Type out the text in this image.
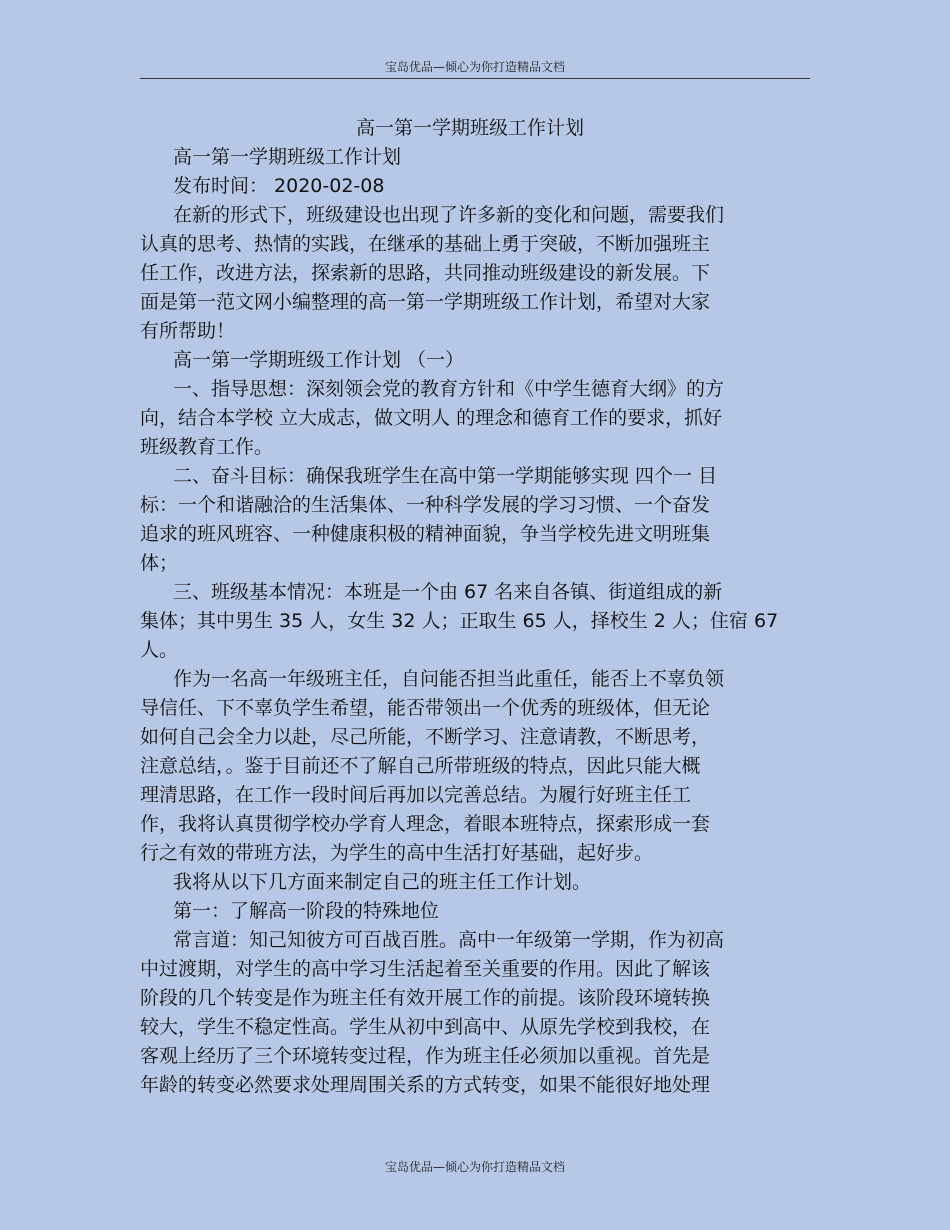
宝岛优品—倾心为你打造精品文档

高一第一学期班级工作计划

高一第一学期班级工作计划

发布时间： 2020-02-08

在新的形式下，班级建设也出现了许多新的变化和问题，需要我们

认真的思考、热情的实践，在继承的基础上勇于突破，不断加强班主

任工作，改进方法，探索新的思路，共同推动班级建设的新发展。下

面是第一范文网小编整理的高一第一学期班级工作计划，希望对大家

有所帮助！

高一第一学期班级工作计划 （一）

一、指导思想：深刻领会党的教育方针和《中学生德育大纲》的方

向，结合本学校 立大成志，做文明人 的理念和德育工作的要求，抓好

班级教育工作。

二、奋斗目标：确保我班学生在高中第一学期能够实现 四个一 目

标：一个和谐融洽的生活集体、一种科学发展的学习习惯、一个奋发

追求的班风班容、一种健康积极的精神面貌，争当学校先进文明班集

体；

三、班级基本情况：本班是一个由 67 名来自各镇、街道组成的新

集体；其中男生 35 人，女生 32 人；正取生 65 人，择校生 2 人；住宿 67

人。

作为一名高一年级班主任，自问能否担当此重任，能否上不辜负领

导信任、下不辜负学生希望，能否带领出一个优秀的班级体，但无论

如何自己会全力以赴，尽己所能，不断学习、注意请教，不断思考，

注意总结，。鉴于目前还不了解自己所带班级的特点，因此只能大概

理清思路，在工作一段时间后再加以完善总结。为履行好班主任工

作，我将认真贯彻学校办学育人理念，着眼本班特点，探索形成一套

行之有效的带班方法，为学生的高中生活打好基础，起好步。

我将从以下几方面来制定自己的班主任工作计划。

第一：了解高一阶段的特殊地位

常言道：知己知彼方可百战百胜。高中一年级第一学期，作为初高

中过渡期，对学生的高中学习生活起着至关重要的作用。因此了解该

阶段的几个转变是作为班主任有效开展工作的前提。该阶段环境转换

较大，学生不稳定性高。学生从初中到高中、从原先学校到我校，在

客观上经历了三个环境转变过程，作为班主任必须加以重视。首先是

年龄的转变必然要求处理周围关系的方式转变，如果不能很好地处理

宝岛优品—倾心为你打造精品文档
